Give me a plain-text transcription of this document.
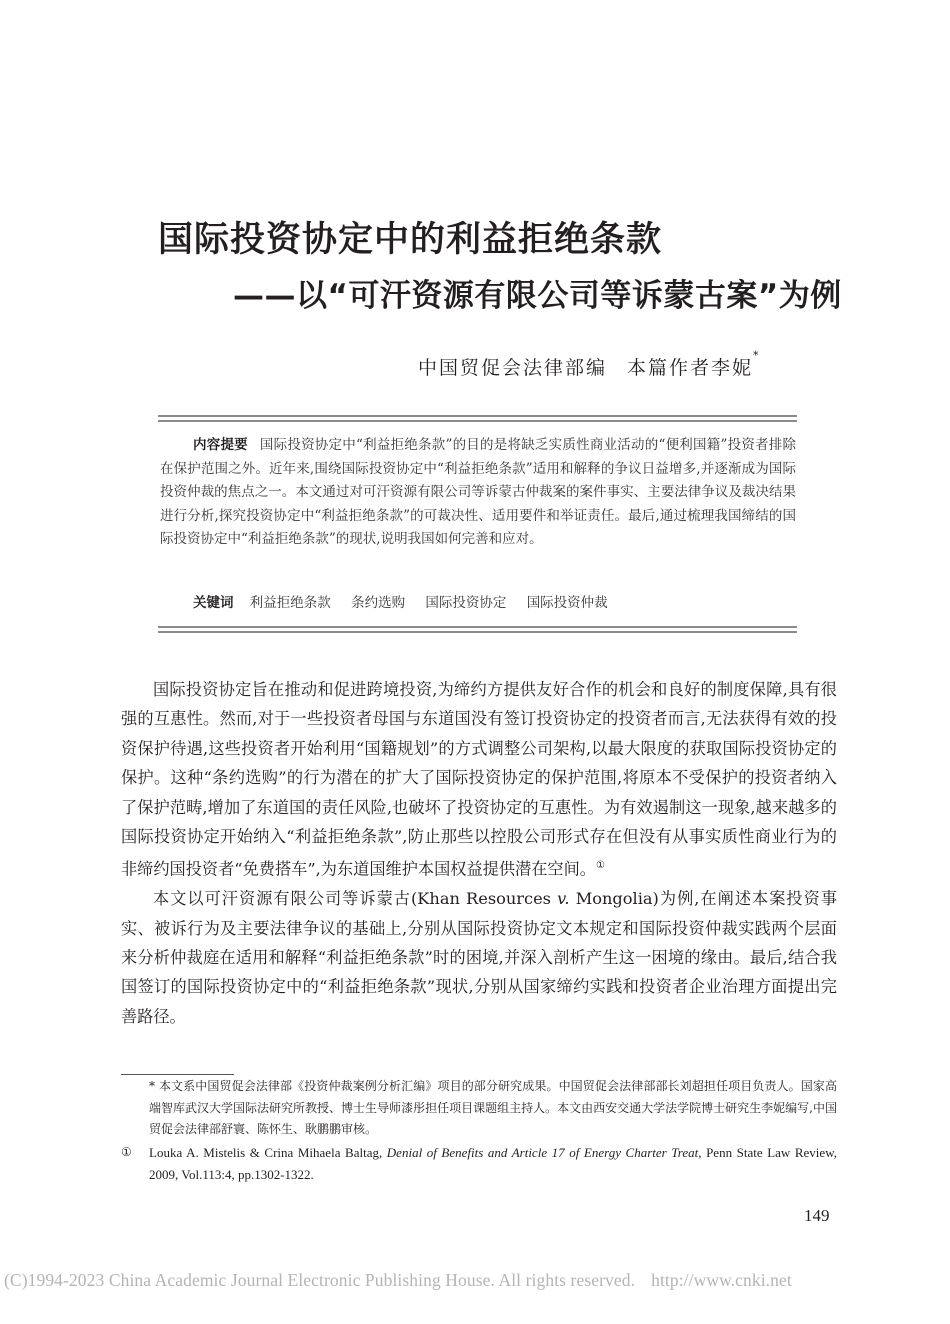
国际投资协定中的利益拒绝条款
——以“可汗资源有限公司等诉蒙古案”为例
中国贸促会法律部编 本篇作者李妮*
内容提要 国际投资协定中“利益拒绝条款”的目的是将缺乏实质性商业活动的“便利国籍”投资者排除在保护范围之外。近年来,围绕国际投资协定中“利益拒绝条款”适用和解释的争议日益增多,并逐渐成为国际投资仲裁的焦点之一。本文通过对可汗资源有限公司等诉蒙古仲裁案的案件事实、主要法律争议及裁决结果进行分析,探究投资协定中“利益拒绝条款”的可裁决性、适用要件和举证责任。最后,通过梳理我国缔结的国际投资协定中“利益拒绝条款”的现状,说明我国如何完善和应对。
关键词 利益拒绝条款 条约选购 国际投资协定 国际投资仲裁

国际投资协定旨在推动和促进跨境投资,为缔约方提供友好合作的机会和良好的制度保障,具有很强的互惠性。然而,对于一些投资者母国与东道国没有签订投资协定的投资者而言,无法获得有效的投资保护待遇,这些投资者开始利用“国籍规划”的方式调整公司架构,以最大限度的获取国际投资协定的保护。这种“条约选购”的行为潜在的扩大了国际投资协定的保护范围,将原本不受保护的投资者纳入了保护范畴,增加了东道国的责任风险,也破坏了投资协定的互惠性。为有效遏制这一现象,越来越多的国际投资协定开始纳入“利益拒绝条款”,防止那些以控股公司形式存在但没有从事实质性商业行为的非缔约国投资者“免费搭车”,为东道国维护本国权益提供潜在空间。①

本文以可汗资源有限公司等诉蒙古(Khan Resources v. Mongolia)为例,在阐述本案投资事实、被诉行为及主要法律争议的基础上,分别从国际投资协定文本规定和国际投资仲裁实践两个层面来分析仲裁庭在适用和解释“利益拒绝条款”时的困境,并深入剖析产生这一困境的缘由。最后,结合我国签订的国际投资协定中的“利益拒绝条款”现状,分别从国家缔约实践和投资者企业治理方面提出完善路径。

* 本文系中国贸促会法律部《投资仲裁案例分析汇编》项目的部分研究成果。中国贸促会法律部部长刘超担任项目负责人。国家高端智库武汉大学国际法研究所教授、博士生导师漆彤担任项目课题组主持人。本文由西安交通大学法学院博士研究生李妮编写,中国贸促会法律部舒寰、陈怀生、耿鹏鹏审核。
① Louka A. Mistelis & Crina Mihaela Baltag, Denial of Benefits and Article 17 of Energy Charter Treat, Penn State Law Review, 2009, Vol.113:4, pp.1302-1322.
149
(C)1994-2023 China Academic Journal Electronic Publishing House. All rights reserved. http://www.cnki.net
